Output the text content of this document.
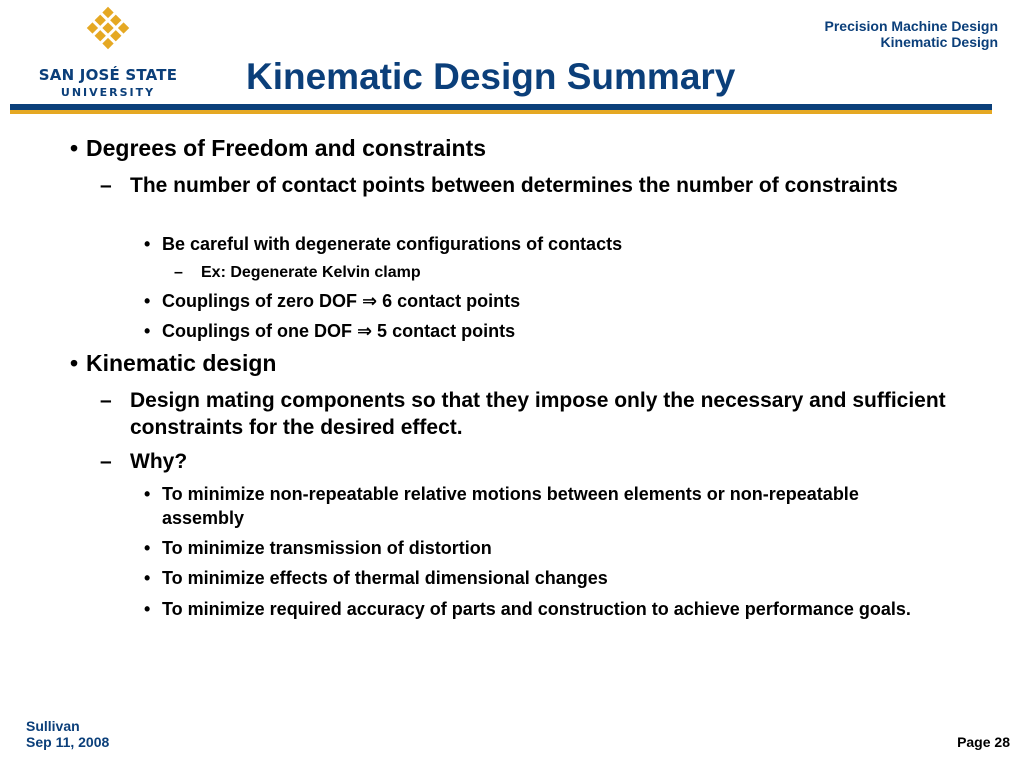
SAN JOSÉ STATE
UNIVERSITY
Precision Machine Design
Kinematic Design
Kinematic Design Summary
• Degrees of Freedom and constraints
– The number of contact points between determines the number of constraints
• Be careful with degenerate configurations of contacts
– Ex: Degenerate Kelvin clamp
• Couplings of zero DOF ⇒ 6 contact points
• Couplings of one DOF ⇒ 5 contact points
• Kinematic design
– Design mating components so that they impose only the necessary and sufficient constraints for the desired effect.
– Why?
• To minimize non-repeatable relative motions between elements or non-repeatable assembly
• To minimize transmission of distortion
• To minimize effects of thermal dimensional changes
• To minimize required accuracy of parts and construction to achieve performance goals.
Sullivan
Sep 11, 2008	Page 28
